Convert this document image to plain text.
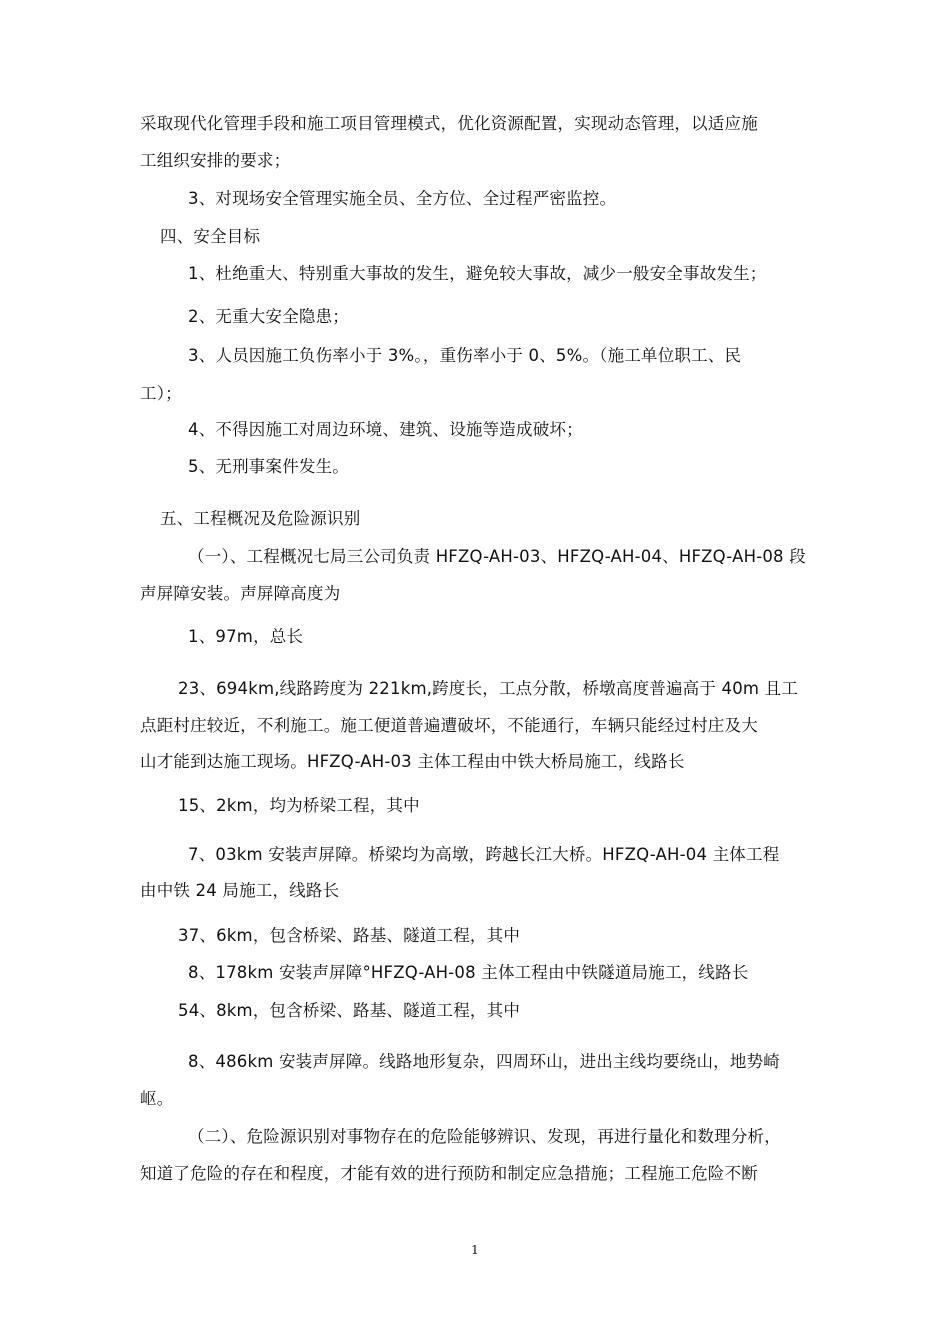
采取现代化管理手段和施工项目管理模式，优化资源配置，实现动态管理，以适应施
工组织安排的要求；
3、对现场安全管理实施全员、全方位、全过程严密监控。
四、安全目标
1、杜绝重大、特别重大事故的发生，避免较大事故，减少一般安全事故发生；
2、无重大安全隐患；
3、人员因施工负伤率小于 3%。，重伤率小于 0、5%。（施工单位职工、民
工）；
4、不得因施工对周边环境、建筑、设施等造成破坏；
5、无刑事案件发生。
五、工程概况及危险源识别
（一）、工程概况七局三公司负责 HFZQ-AH-03、HFZQ-AH-04、HFZQ-AH-08 段
声屏障安装。声屏障高度为
1、97m，总长
23、694km,线路跨度为 221km,跨度长，工点分散，桥墩高度普遍高于 40m 且工
点距村庄较近，不利施工。施工便道普遍遭破坏，不能通行，车辆只能经过村庄及大
山才能到达施工现场。HFZQ-AH-03 主体工程由中铁大桥局施工，线路长
15、2km，均为桥梁工程，其中
7、03km 安装声屏障。桥梁均为高墩，跨越长江大桥。HFZQ-AH-04 主体工程
由中铁 24 局施工，线路长
37、6km，包含桥梁、路基、隧道工程，其中
8、178km 安装声屏障°HFZQ-AH-08 主体工程由中铁隧道局施工，线路长
54、8km，包含桥梁、路基、隧道工程，其中
8、486km 安装声屏障。线路地形复杂，四周环山，进出主线均要绕山，地势崎
岖。
（二）、危险源识别对事物存在的危险能够辨识、发现，再进行量化和数理分析，
知道了危险的存在和程度，才能有效的进行预防和制定应急措施；工程施工危险不断
1
